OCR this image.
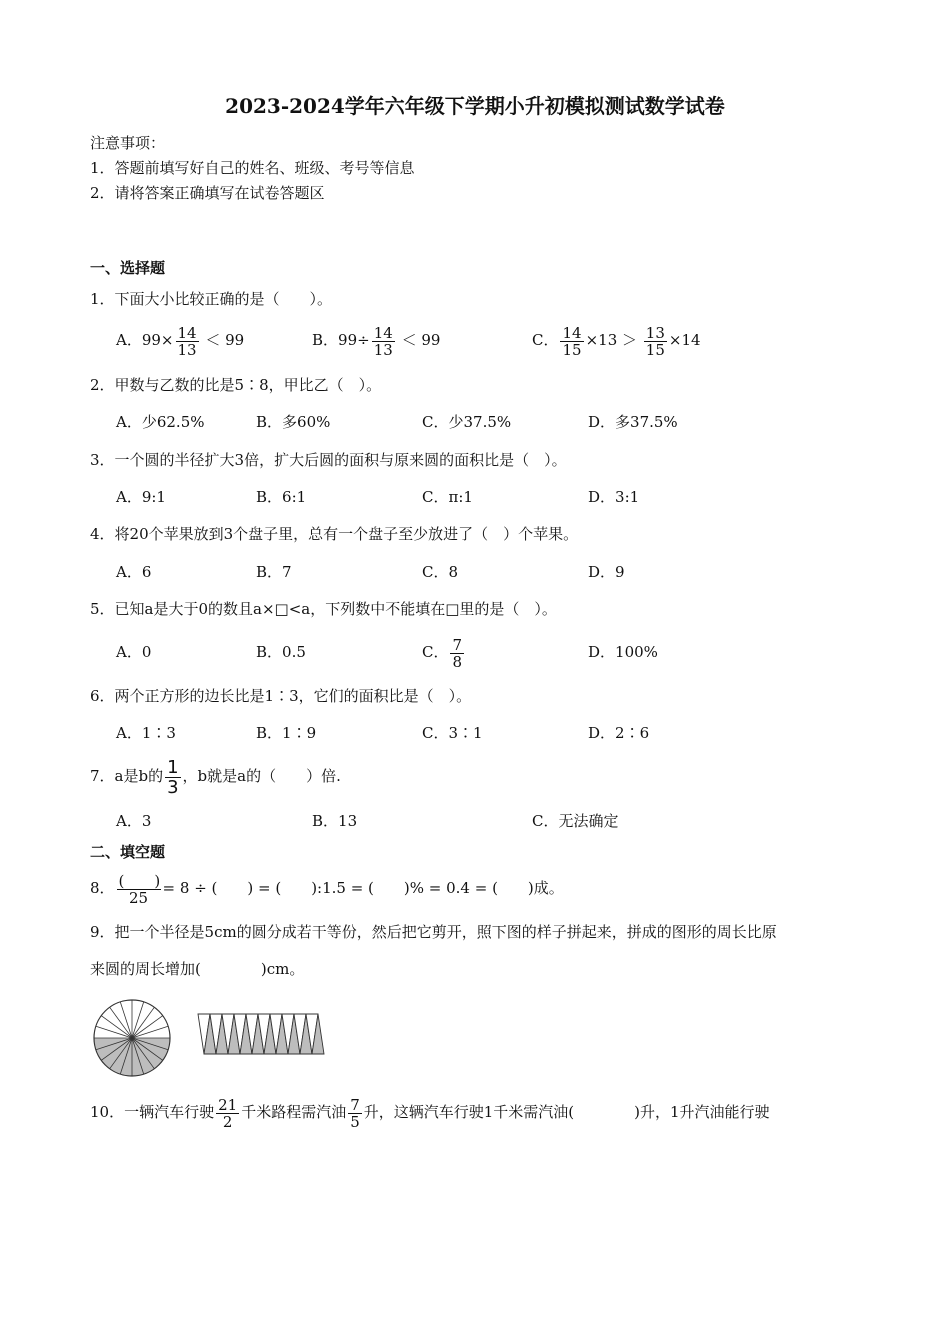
2023-2024学年六年级下学期小升初模拟测试数学试卷
注意事项：
1．答题前填写好自己的姓名、班级、考号等信息
2．请将答案正确填写在试卷答题区
一、选择题
1．下面大小比较正确的是（　　）。
A．$99\times \frac{14}{13} < 99$	B．$99\div \frac{14}{13} < 99$	C． $\frac{14}{15} \times 13 > \frac{13}{15} \times 14$
2．甲数与乙数的比是5∶8，甲比乙（　）。
A．少62.5%	B．多60%	C．少37.5%	D．多37.5%
3．一个圆的半径扩大3倍，扩大后圆的面积与原来圆的面积比是（　）。
A．9:1	B．6:1	C．π:1	D．3:1
4．将20个苹果放到3个盘子里，总有一个盘子至少放进了（　）个苹果。
A．6	B．7	C．8	D．9
5．已知a是大于0的数且a×□<a，下列数中不能填在□里的是（　）。
A．0	B．0.5	C． $\frac{7}{8}$	D．100%
6．两个正方形的边长比是1∶3，它们的面积比是（　）。
A．1∶3	B．1∶9	C．3∶1	D．2∶6
7．a是b的 $\frac{1}{3}$ ，b就是a的（　　）倍.
A．3	B．13	C．无法确定
二、填空题
8． $\frac{( )}{25} = 8$ ÷ (　　) = (　　):1.5 = (　　)% = 0.4 = (　　)成。
9．把一个半径是5cm的圆分成若干等份，然后把它剪开，照下图的样子拼起来，拼成的图形的周长比原
来圆的周长增加(　　　　)cm。
10．一辆汽车行驶 $\frac{21}{2}$ 千米路程需汽油 $\frac{7}{5}$ 升，这辆汽车行驶1千米需汽油(　　　　)升，1升汽油能行驶
